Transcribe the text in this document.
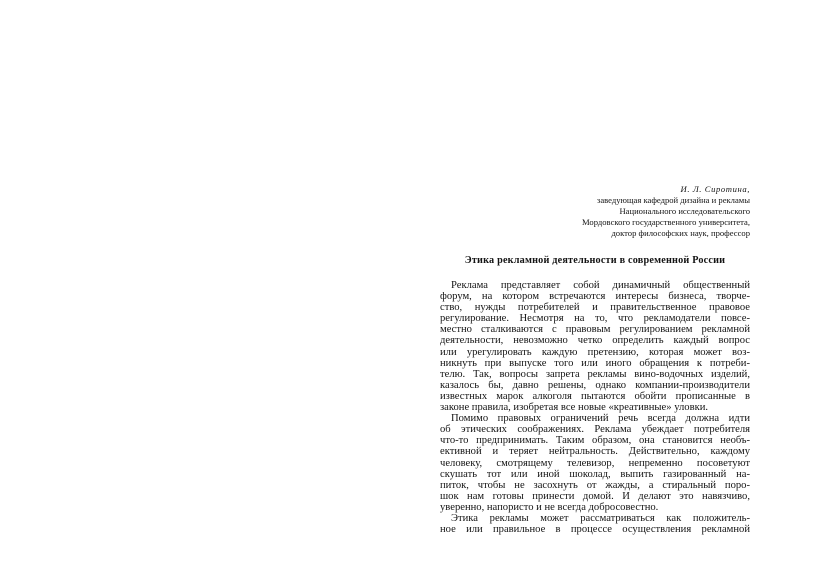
И. Л. Сиротина,
заведующая кафедрой дизайна и рекламы
Национального исследовательского
Мордовского государственного университета,
доктор философских наук, профессор
Этика рекламной деятельности в современной России
Реклама представляет собой динамичный общественный
форум, на котором встречаются интересы бизнеса, творче-
ство, нужды потребителей и правительственное правовое
регулирование. Несмотря на то, что рекламодатели повсе-
местно сталкиваются с правовым регулированием рекламной
деятельности, невозможно четко определить каждый вопрос
или урегулировать каждую претензию, которая может воз-
никнуть при выпуске того или иного обращения к потреби-
телю. Так, вопросы запрета рекламы вино-водочных изделий,
казалось бы, давно решены, однако компании-производители
известных марок алкоголя пытаются обойти прописанные в
законе правила, изобретая все новые «креативные» уловки.
Помимо правовых ограничений речь всегда должна идти
об этических соображениях. Реклама убеждает потребителя
что-то предпринимать. Таким образом, она становится необъ-
ективной и теряет нейтральность. Действительно, каждому
человеку, смотрящему телевизор, непременно посоветуют
скушать тот или иной шоколад, выпить газированный на-
питок, чтобы не засохнуть от жажды, а стиральный порo-
шок нам готовы принести домой. И делают это навязчиво,
уверенно, напористо и не всегда добросовестно.
Этика рекламы может рассматриваться как положитель-
ное или правильное в процессе осуществления рекламной
